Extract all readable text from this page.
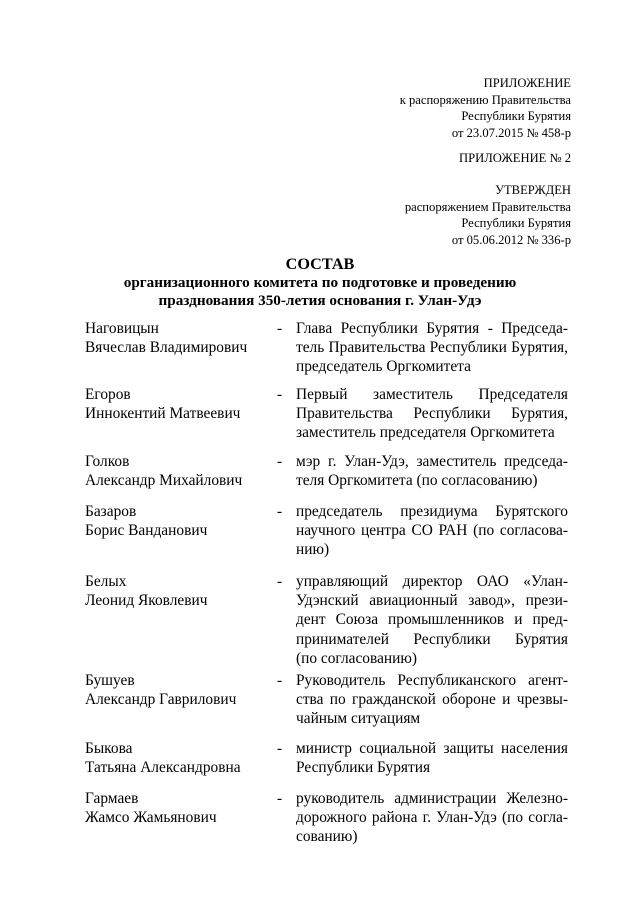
ПРИЛОЖЕНИЕ
к распоряжению Правительства
Республики Бурятия
от 23.07.2015 № 458-р
ПРИЛОЖЕНИЕ № 2
УТВЕРЖДЕН
распоряжением Правительства
Республики Бурятия
от 05.06.2012 № 336-р
СОСТАВ
организационного комитета по подготовке и проведению
празднования 350-летия основания г. Улан-Удэ
Наговицын
Вячеслав Владимирович
- Глава Республики Бурятия - Председа-
тель Правительства Республики Бурятия,
председатель Оргкомитета
Егоров
Иннокентий Матвеевич
- Первый заместитель Председателя
Правительства Республики Бурятия,
заместитель председателя Оргкомитета
Голков
Александр Михайлович
- мэр г. Улан-Удэ, заместитель председа-
теля Оргкомитета (по согласованию)
Базаров
Борис Ванданович
- председатель президиума Бурятского
научного центра СО РАН (по согласова-
нию)
Белых
Леонид Яковлевич
- управляющий директор ОАО «Улан-
Удэнский авиационный завод», прези-
дент Союза промышленников и пред-
принимателей Республики Бурятия
(по согласованию)
Бушуев
Александр Гаврилович
- Руководитель Республиканского агент-
ства по гражданской обороне и чрезвы-
чайным ситуациям
Быкова
Татьяна Александровна
- министр социальной защиты населения
Республики Бурятия
Гармаев
Жамсо Жамьянович
- руководитель администрации Железно-
дорожного района г. Улан-Удэ (по согла-
сованию)
